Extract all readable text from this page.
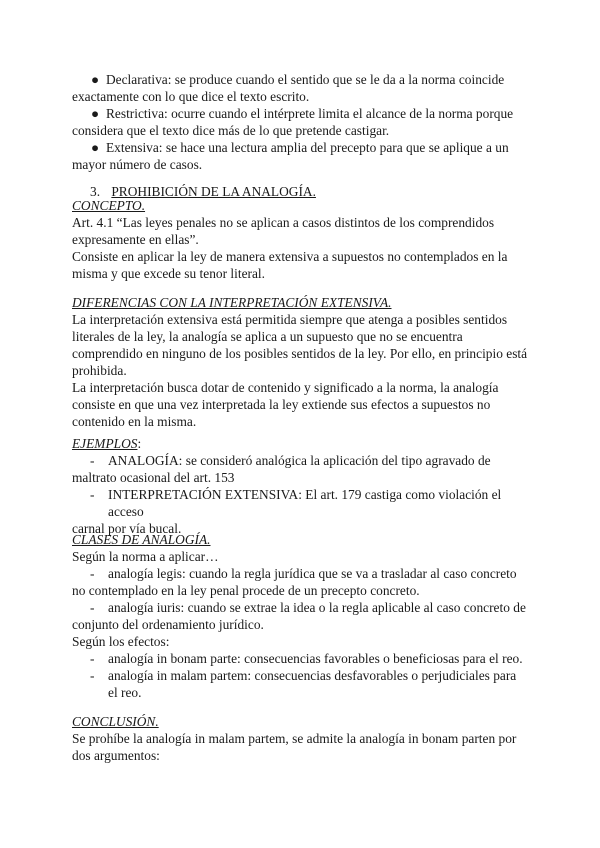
● Declarativa: se produce cuando el sentido que se le da a la norma coincide
exactamente con lo que dice el texto escrito.
● Restrictiva: ocurre cuando el intérprete limita el alcance de la norma porque
considera que el texto dice más de lo que pretende castigar.
● Extensiva: se hace una lectura amplia del precepto para que se aplique a un
mayor número de casos.
3. PROHIBICIÓN DE LA ANALOGÍA.
CONCEPTO.
Art. 4.1 “Las leyes penales no se aplican a casos distintos de los comprendidos
expresamente en ellas”.
Consiste en aplicar la ley de manera extensiva a supuestos no contemplados en la
misma y que excede su tenor literal.
DIFERENCIAS CON LA INTERPRETACIÓN EXTENSIVA.
La interpretación extensiva está permitida siempre que atenga a posibles sentidos
literales de la ley, la analogía se aplica a un supuesto que no se encuentra
comprendido en ninguno de los posibles sentidos de la ley. Por ello, en principio está
prohibida.
La interpretación busca dotar de contenido y significado a la norma, la analogía
consiste en que una vez interpretada la ley extiende sus efectos a supuestos no
contenido en la misma.
EJEMPLOS:
-	ANALOGÍA: se consideró analógica la aplicación del tipo agravado de
maltrato ocasional del art. 153
-	INTERPRETACIÓN EXTENSIVA: El art. 179 castiga como violación el acceso
carnal por vía bucal.
CLASES DE ANALOGÍA.
Según la norma a aplicar…
-	analogía legis: cuando la regla jurídica que se va a trasladar al caso concreto
no contemplado en la ley penal procede de un precepto concreto.
-	analogía iuris: cuando se extrae la idea o la regla aplicable al caso concreto de
conjunto del ordenamiento jurídico.
Según los efectos:
-	analogía in bonam parte: consecuencias favorables o beneficiosas para el reo.
-	analogía in malam partem: consecuencias desfavorables o perjudiciales para
el reo.
CONCLUSIÓN.
Se prohíbe la analogía in malam partem, se admite la analogía in bonam parten por
dos argumentos:
